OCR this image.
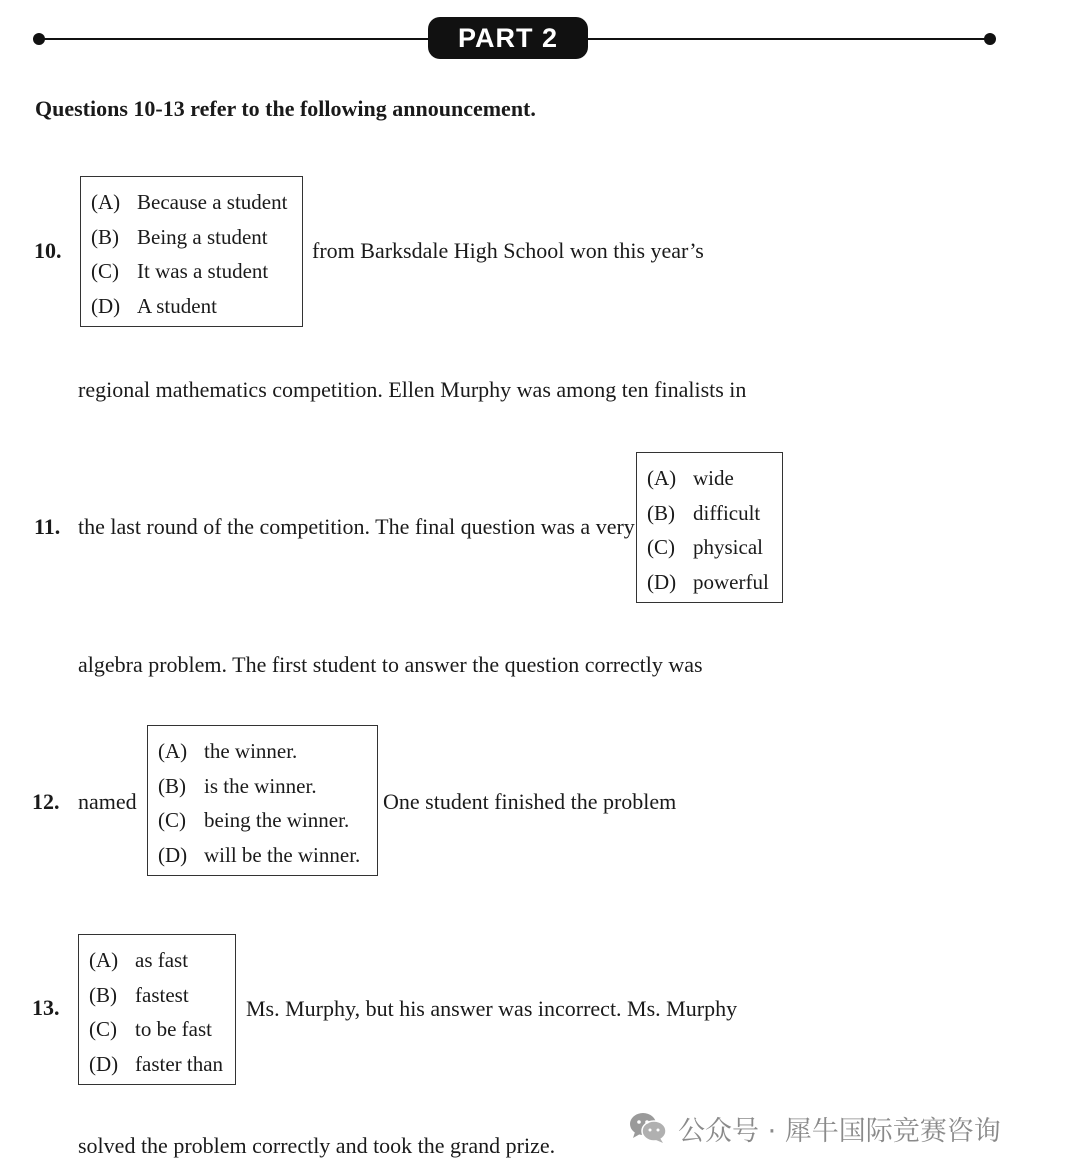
PART 2
Questions 10-13 refer to the following announcement.
10.
(A) Because a student
(B) Being a student
(C) It was a student
(D) A student
from Barksdale High School won this year’s
regional mathematics competition. Ellen Murphy was among ten finalists in
11. the last round of the competition. The final question was a very
(A) wide
(B) difficult
(C) physical
(D) powerful
algebra problem. The first student to answer the question correctly was
12. named
(A) the winner.
(B) is the winner.
(C) being the winner.
(D) will be the winner.
One student finished the problem
13.
(A) as fast
(B) fastest
(C) to be fast
(D) faster than
Ms. Murphy, but his answer was incorrect. Ms. Murphy
solved the problem correctly and took the grand prize.	公众号 · 犀牛国际竞赛咨询
